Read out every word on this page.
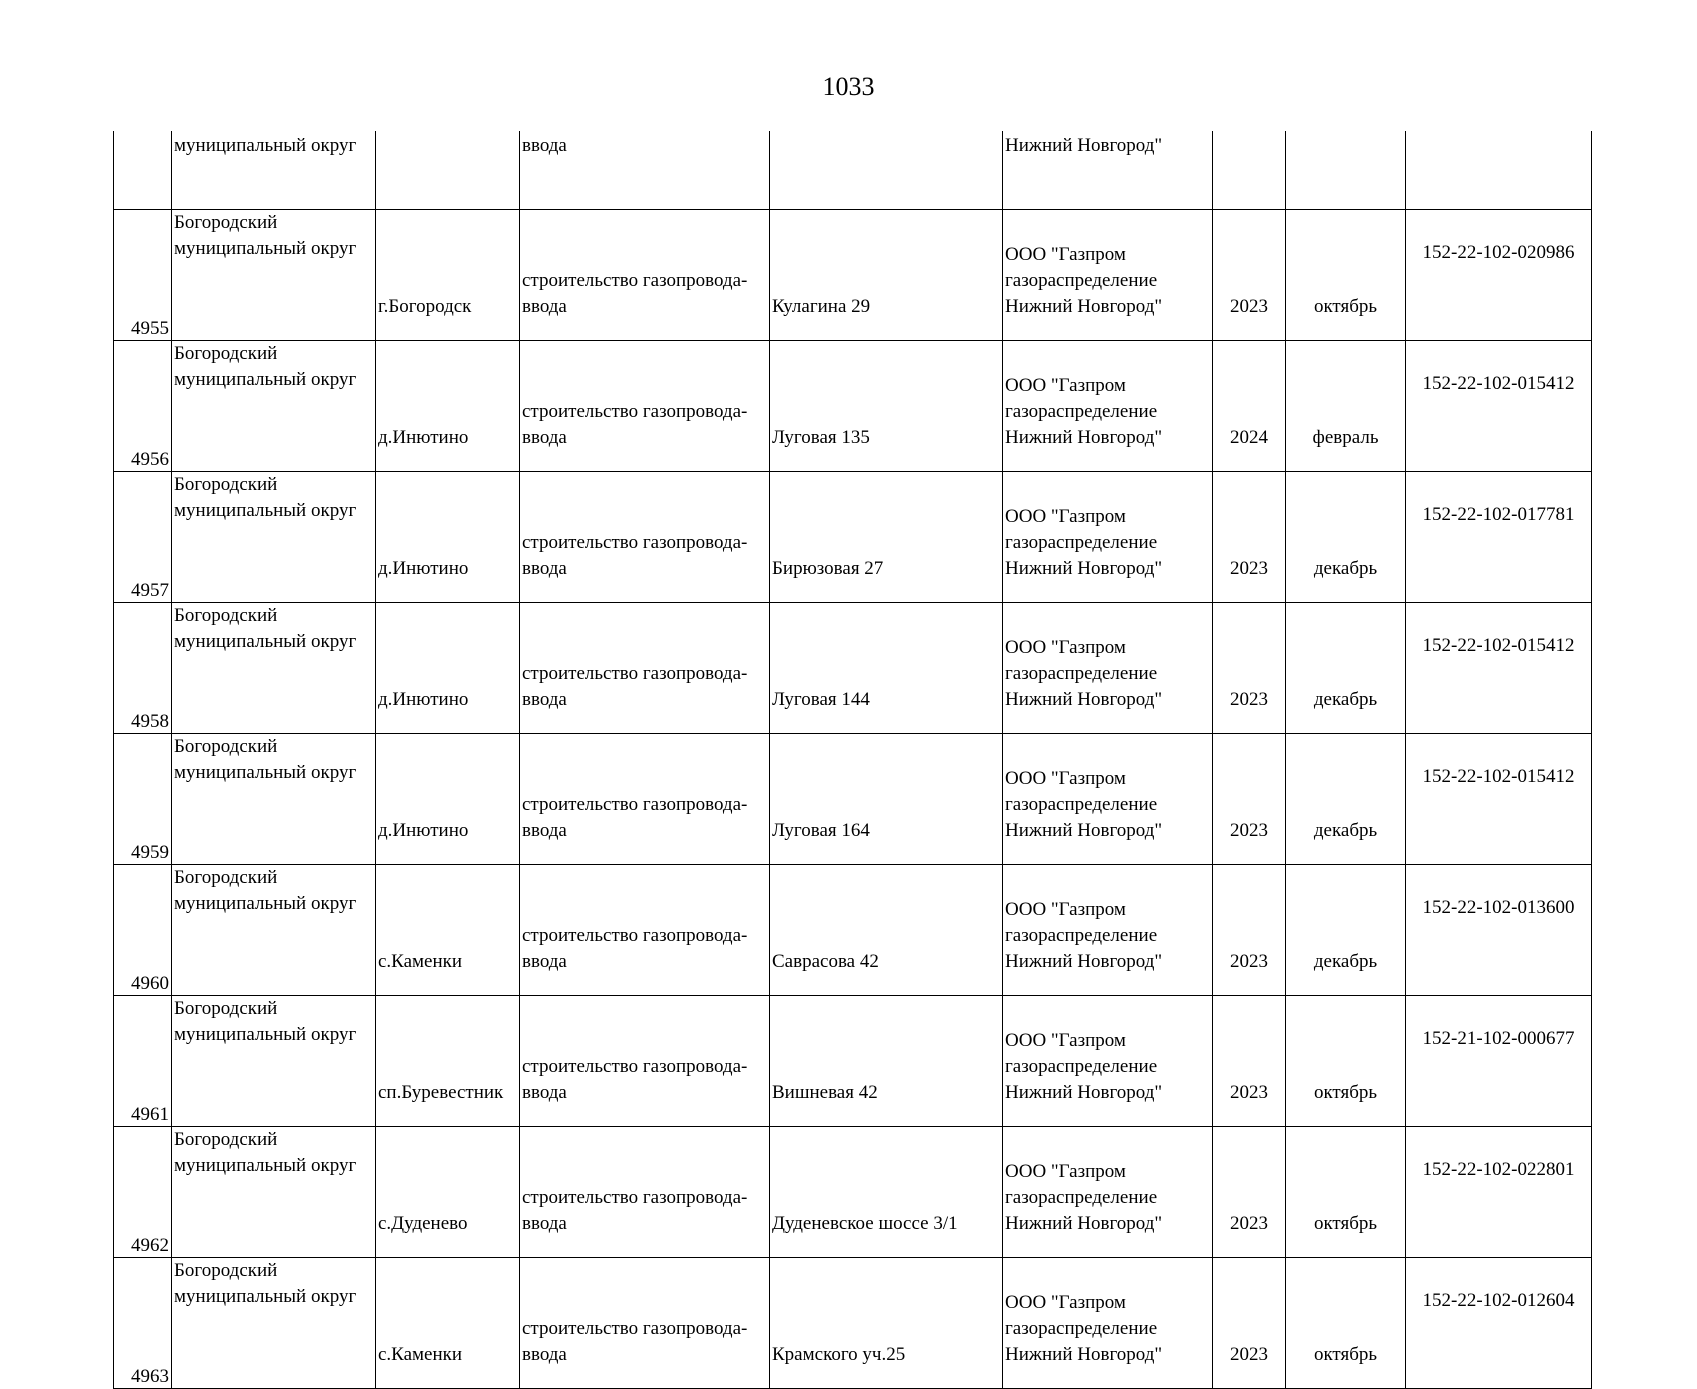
1033
	муниципальный округ		ввода		Нижний Новгород"			
4955	Богородский
муниципальный округ	г.Богородск	строительство газопровода-
ввода	Кулагина 29	ООО "Газпром
газораспределение
Нижний Новгород"	2023	октябрь	152-22-102-020986
4956	Богородский
муниципальный округ	д.Инютино	строительство газопровода-
ввода	Луговая 135	ООО "Газпром
газораспределение
Нижний Новгород"	2024	февраль	152-22-102-015412
4957	Богородский
муниципальный округ	д.Инютино	строительство газопровода-
ввода	Бирюзовая 27	ООО "Газпром
газораспределение
Нижний Новгород"	2023	декабрь	152-22-102-017781
4958	Богородский
муниципальный округ	д.Инютино	строительство газопровода-
ввода	Луговая 144	ООО "Газпром
газораспределение
Нижний Новгород"	2023	декабрь	152-22-102-015412
4959	Богородский
муниципальный округ	д.Инютино	строительство газопровода-
ввода	Луговая 164	ООО "Газпром
газораспределение
Нижний Новгород"	2023	декабрь	152-22-102-015412
4960	Богородский
муниципальный округ	с.Каменки	строительство газопровода-
ввода	Саврасова 42	ООО "Газпром
газораспределение
Нижний Новгород"	2023	декабрь	152-22-102-013600
4961	Богородский
муниципальный округ	сп.Буревестник	строительство газопровода-
ввода	Вишневая 42	ООО "Газпром
газораспределение
Нижний Новгород"	2023	октябрь	152-21-102-000677
4962	Богородский
муниципальный округ	с.Дуденево	строительство газопровода-
ввода	Дуденевское шоссе 3/1	ООО "Газпром
газораспределение
Нижний Новгород"	2023	октябрь	152-22-102-022801
4963	Богородский
муниципальный округ	с.Каменки	строительство газопровода-
ввода	Крамского уч.25	ООО "Газпром
газораспределение
Нижний Новгород"	2023	октябрь	152-22-102-012604
